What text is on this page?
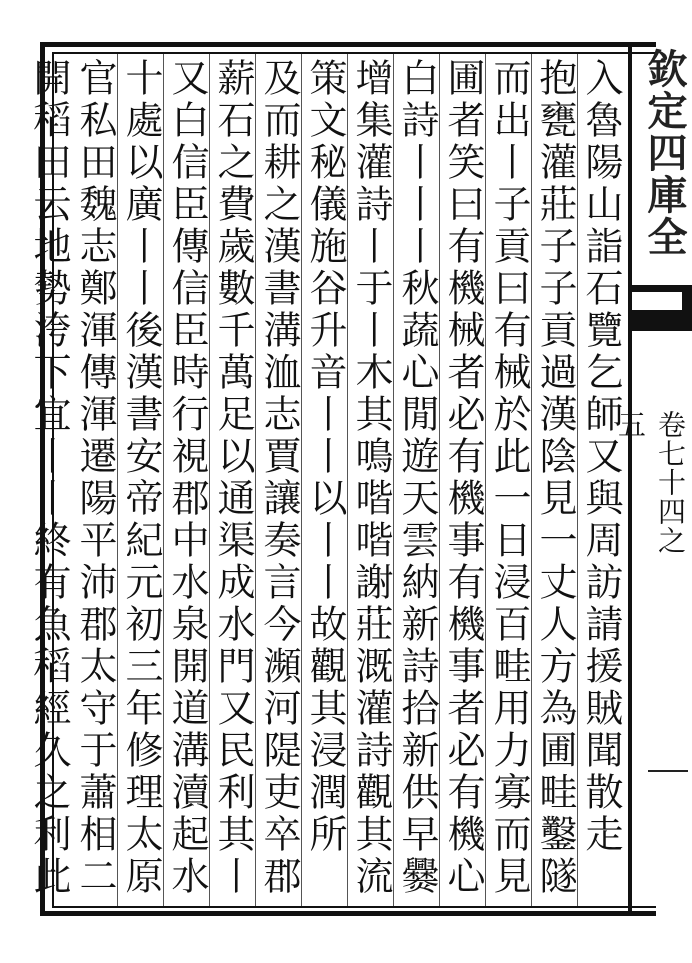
欽定四庫全
卷七十四之五
入魯陽山詣石覽乞師又與周訪請援賊聞散走
抱甕灌莊子子貢過漢陰見一丈人方為圃畦鑿隧
而出丨子貢曰有械於此一日浸百畦用力寡而見
圃者笑曰有機械者必有機事有機事者必有機心
白詩丨丨丨秋蔬心閒遊天雲納新詩拾新供早爨
增集灌詩丨于丨木其鳴喈喈謝莊溉灌詩觀其流
策文秘儀施谷升音丨丨以丨丨故觀其浸潤所
及而耕之漢書溝洫志賈讓奏言今瀕河隄吏卒郡
薪石之費歲數千萬足以通渠成水門又民利其丨
又白信臣傳信臣時行視郡中水泉開道溝瀆起水
十處以廣丨丨後漢書安帝紀元初三年修理太原
官私田魏志鄭渾傳渾遷陽平沛郡太守于蕭相二
開稻田云地勢洿下宜丨丨終有魚稻經久之利此
